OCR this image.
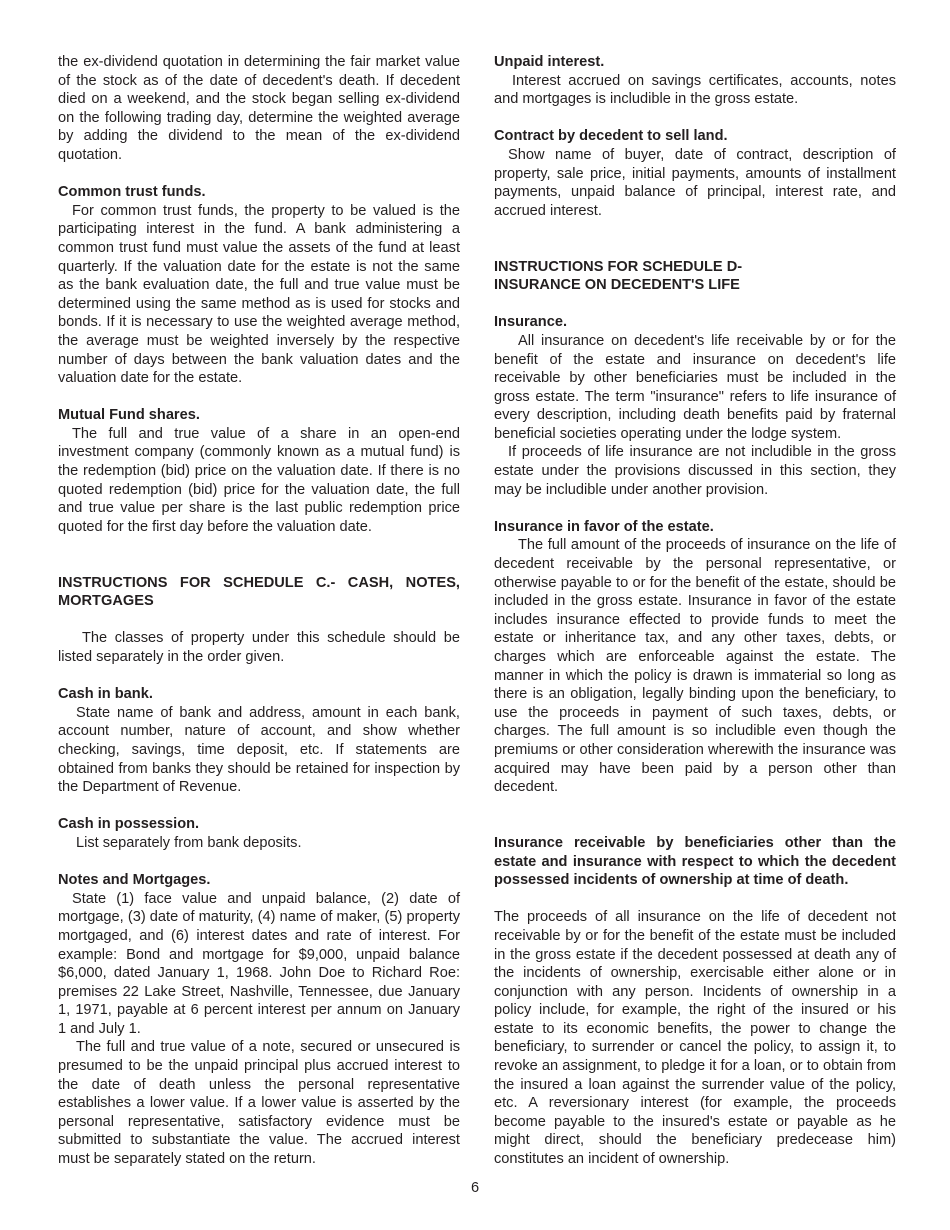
the ex-dividend quotation in determining the fair market value of the stock as of the date of decedent's death. If decedent died on a weekend, and the stock began selling ex-dividend on the following trading day, determine the weighted average by adding the dividend to the mean of the ex-dividend quotation.

Common trust funds.

For common trust funds, the property to be valued is the participating interest in the fund. A bank administering a common trust fund must value the assets of the fund at least quarterly. If the valuation date for the estate is not the same as the bank evaluation date, the full and true value must be determined using the same method as is used for stocks and bonds. If it is necessary to use the weighted average method, the average must be weighted inversely by the respective number of days between the bank valuation dates and the valuation date for the estate.

Mutual Fund shares.

The full and true value of a share in an open-end investment company (commonly known as a mutual fund) is the redemption (bid) price on the valuation date. If there is no quoted redemption (bid) price for the valuation date, the full and true value per share is the last public redemption price quoted for the first day before the valuation date.

INSTRUCTIONS FOR SCHEDULE C.- CASH, NOTES, MORTGAGES

The classes of property under this schedule should be listed separately in the order given.

Cash in bank.

State name of bank and address, amount in each bank, account number, nature of account, and show whether checking, savings, time deposit, etc. If statements are obtained from banks they should be retained for inspection by the Department of Revenue.

Cash in possession.

List separately from bank deposits.

Notes and Mortgages.

State (1) face value and unpaid balance, (2) date of mortgage, (3) date of maturity, (4) name of maker, (5) property mortgaged, and (6) interest dates and rate of interest. For example: Bond and mortgage for $9,000, unpaid balance $6,000, dated January 1, 1968. John Doe to Richard Roe: premises 22 Lake Street, Nashville, Tennessee, due January 1, 1971, payable at 6 percent interest per annum on January 1 and July 1.

The full and true value of a note, secured or unsecured is presumed to be the unpaid principal plus accrued interest to the date of death unless the personal representative establishes a lower value. If a lower value is asserted by the personal representative, satisfactory evidence must be submitted to substantiate the value. The accrued interest must be separately stated on the return.

Unpaid interest.

Interest accrued on savings certificates, accounts, notes and mortgages is includible in the gross estate.

Contract by decedent to sell land.

Show name of buyer, date of contract, description of property, sale price, initial payments, amounts of installment payments, unpaid balance of principal, interest rate, and accrued interest.

INSTRUCTIONS FOR SCHEDULE D-

INSURANCE ON DECEDENT'S LIFE

Insurance.

All insurance on decedent's life receivable by or for the benefit of the estate and insurance on decedent's life receivable by other beneficiaries must be included in the gross estate. The term "insurance" refers to life insurance of every description, including death benefits paid by fraternal beneficial societies operating under the lodge system.

If proceeds of life insurance are not includible in the gross estate under the provisions discussed in this section, they may be includible under another provision.

Insurance in favor of the estate.

The full amount of the proceeds of insurance on the life of decedent receivable by the personal representative, or otherwise payable to or for the benefit of the estate, should be included in the gross estate. Insurance in favor of the estate includes insurance effected to provide funds to meet the estate or inheritance tax, and any other taxes, debts, or charges which are enforceable against the estate. The manner in which the policy is drawn is immaterial so long as there is an obligation, legally binding upon the beneficiary, to use the proceeds in payment of such taxes, debts, or charges. The full amount is so includible even though the premiums or other consideration wherewith the insurance was acquired may have been paid by a person other than decedent.

Insurance receivable by beneficiaries other than the estate and insurance with respect to which the decedent possessed incidents of ownership at time of death.

The proceeds of all insurance on the life of decedent not receivable by or for the benefit of the estate must be included in the gross estate if the decedent possessed at death any of the incidents of ownership, exercisable either alone or in conjunction with any person. Incidents of ownership in a policy include, for example, the right of the insured or his estate to its economic benefits, the power to change the beneficiary, to surrender or cancel the policy, to assign it, to revoke an assignment, to pledge it for a loan, or to obtain from the insured a loan against the surrender value of the policy, etc. A reversionary interest (for example, the proceeds become payable to the insured's estate or payable as he might direct, should the beneficiary predecease him) constitutes an incident of ownership.

6
